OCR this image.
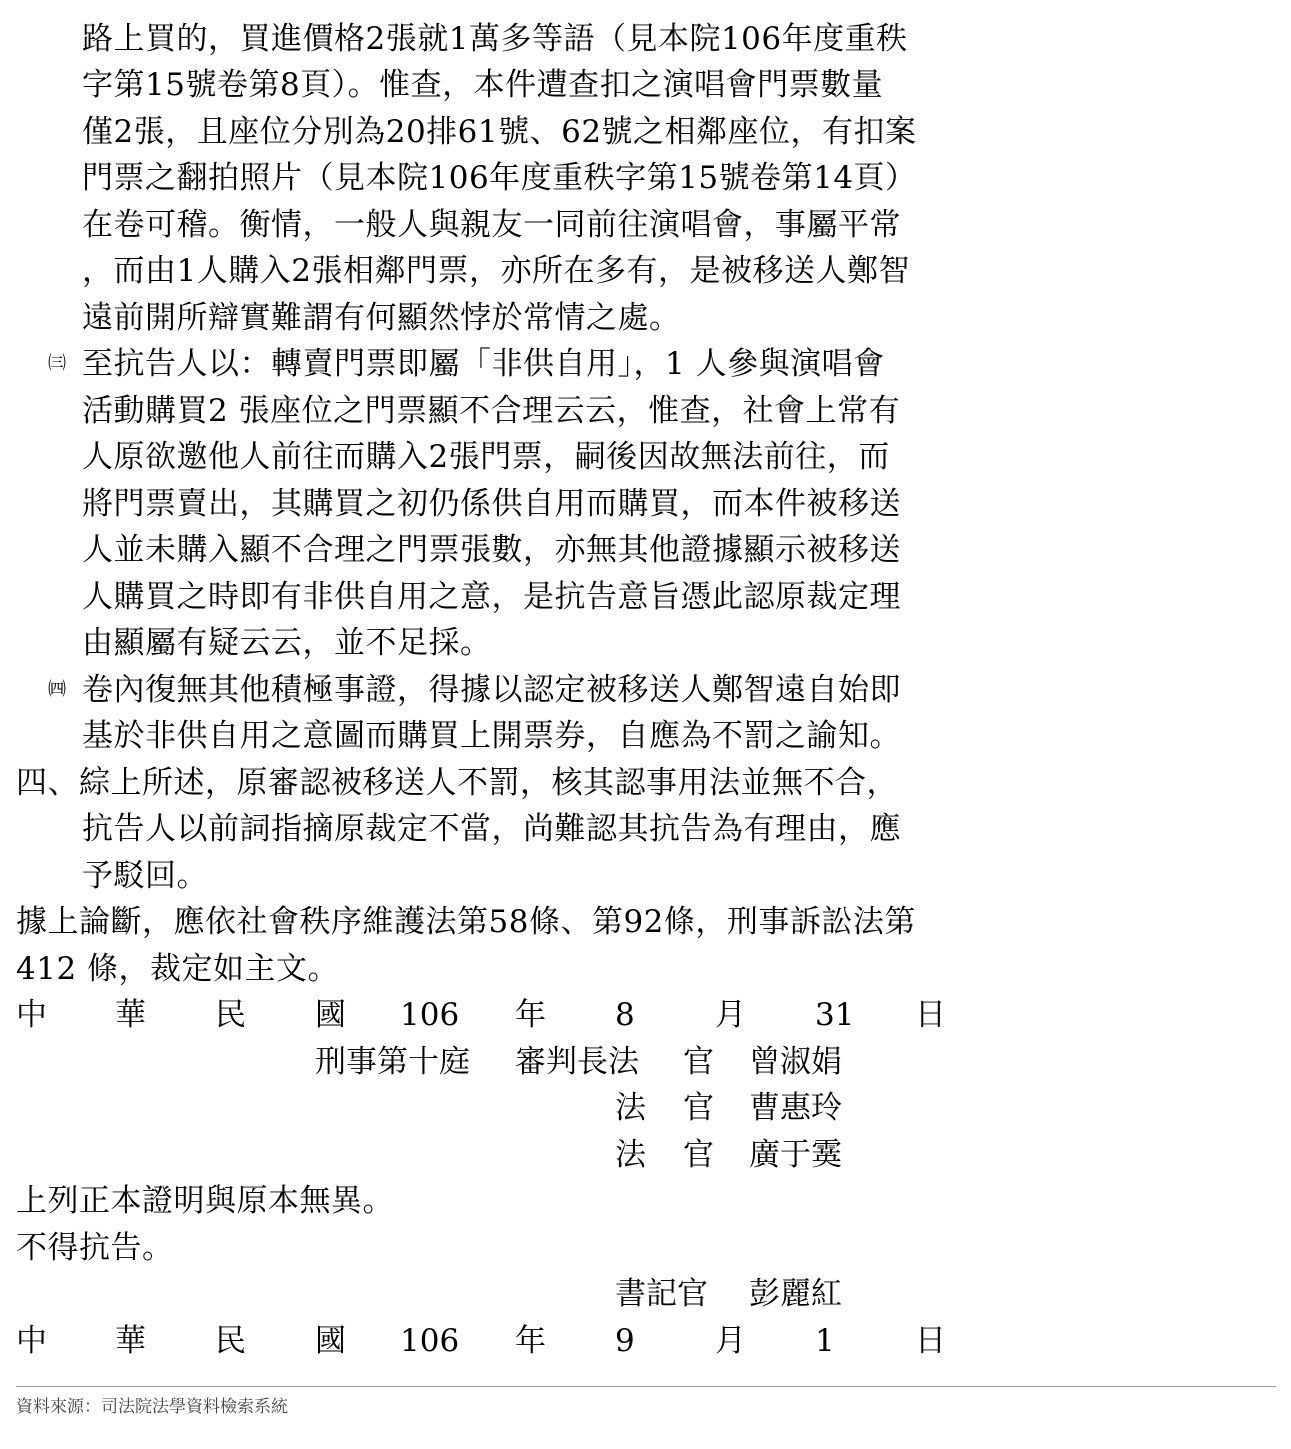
路上買的，買進價格2張就1萬多等語（見本院106年度重秩
字第15號卷第8頁）。惟查，本件遭查扣之演唱會門票數量
僅2張，且座位分別為20排61號、62號之相鄰座位，有扣案
門票之翻拍照片（見本院106年度重秩字第15號卷第14頁）
在卷可稽。衡情，一般人與親友一同前往演唱會，事屬平常
，而由1人購入2張相鄰門票，亦所在多有，是被移送人鄭智
遠前開所辯實難謂有何顯然悖於常情之處。
㈢ 至抗告人以：轉賣門票即屬「非供自用」，1 人參與演唱會
活動購買2 張座位之門票顯不合理云云，惟查，社會上常有
人原欲邀他人前往而購入2張門票，嗣後因故無法前往，而
將門票賣出，其購買之初仍係供自用而購買，而本件被移送
人並未購入顯不合理之門票張數，亦無其他證據顯示被移送
人購買之時即有非供自用之意，是抗告意旨憑此認原裁定理
由顯屬有疑云云，並不足採。
㈣ 卷內復無其他積極事證，得據以認定被移送人鄭智遠自始即
基於非供自用之意圖而購買上開票券，自應為不罰之諭知。
四、綜上所述，原審認被移送人不罰，核其認事用法並無不合，
抗告人以前詞指摘原裁定不當，尚難認其抗告為有理由，應
予駁回。
據上論斷，應依社會秩序維護法第58條、第92條，刑事訴訟法第
412 條，裁定如主文。
中 華 民 國 106 年 8	月 31 日
刑事第十庭 審判長法 官 曾淑娟
法 官 曹惠玲
法 官 廣于霙
上列正本證明與原本無異。
不得抗告。
書記官 彭麗紅
中 華 民 國 106 年 9	月 1	日
資料來源：司法院法學資料檢索系統
